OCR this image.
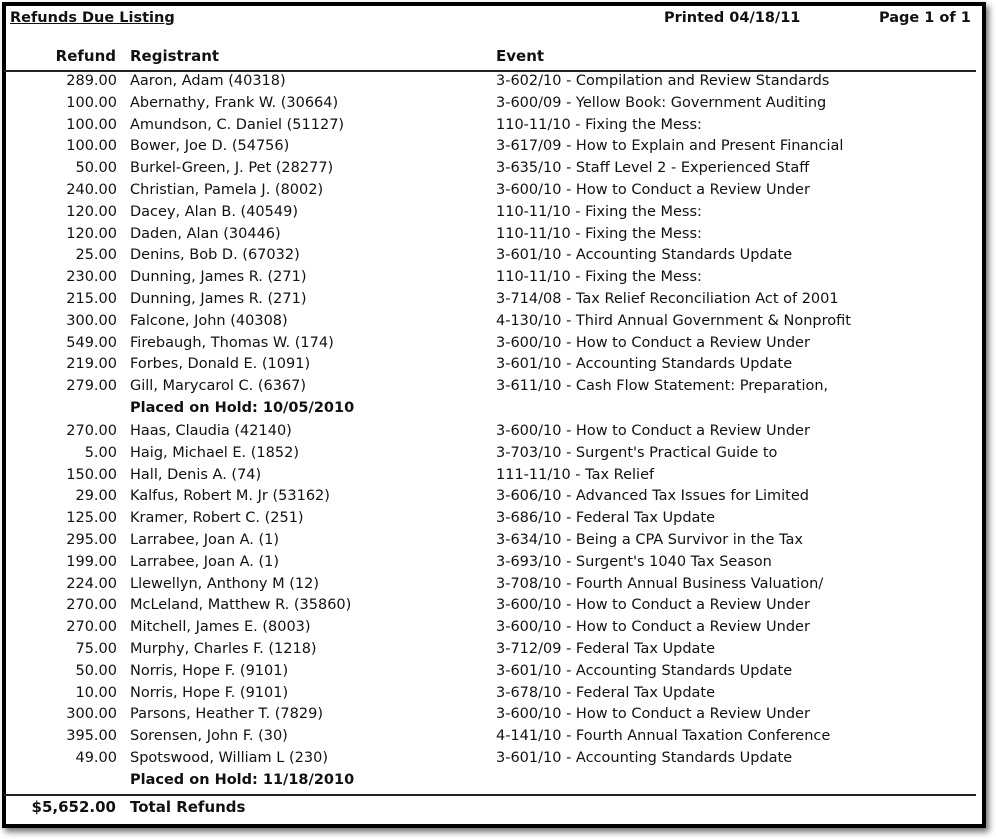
Refunds Due Listing	Printed 04/18/11	Page 1 of 1
Refund Registrant	Event
289.00 Aaron, Adam (40318)	3-602/10 - Compilation and Review Standards
100.00 Abernathy, Frank W. (30664)	3-600/09 - Yellow Book: Government Auditing
100.00 Amundson, C. Daniel (51127)	110-11/10 - Fixing the Mess:
100.00 Bower, Joe D. (54756)	3-617/09 - How to Explain and Present Financial
50.00 Burkel-Green, J. Pet (28277)	3-635/10 - Staff Level 2 - Experienced Staff
240.00 Christian, Pamela J. (8002)	3-600/10 - How to Conduct a Review Under
120.00 Dacey, Alan B. (40549)	110-11/10 - Fixing the Mess:
120.00 Daden, Alan (30446)	110-11/10 - Fixing the Mess:
25.00 Denins, Bob D. (67032)	3-601/10 - Accounting Standards Update
230.00 Dunning, James R. (271)	110-11/10 - Fixing the Mess:
215.00 Dunning, James R. (271)	3-714/08 - Tax Relief Reconciliation Act of 2001
300.00 Falcone, John (40308)	4-130/10 - Third Annual Government & Nonprofit
549.00 Firebaugh, Thomas W. (174)	3-600/10 - How to Conduct a Review Under
219.00 Forbes, Donald E. (1091)	3-601/10 - Accounting Standards Update
279.00 Gill, Marycarol C. (6367)	3-611/10 - Cash Flow Statement: Preparation,
Placed on Hold: 10/05/2010
270.00 Haas, Claudia (42140)	3-600/10 - How to Conduct a Review Under
5.00 Haig, Michael E. (1852)	3-703/10 - Surgent's Practical Guide to
150.00 Hall, Denis A. (74)	111-11/10 - Tax Relief
29.00 Kalfus, Robert M. Jr (53162)	3-606/10 - Advanced Tax Issues for Limited
125.00 Kramer, Robert C. (251)	3-686/10 - Federal Tax Update
295.00 Larrabee, Joan A. (1)	3-634/10 - Being a CPA Survivor in the Tax
199.00 Larrabee, Joan A. (1)	3-693/10 - Surgent's 1040 Tax Season
224.00 Llewellyn, Anthony M (12)	3-708/10 - Fourth Annual Business Valuation/
270.00 McLeland, Matthew R. (35860)	3-600/10 - How to Conduct a Review Under
270.00 Mitchell, James E. (8003)	3-600/10 - How to Conduct a Review Under
75.00 Murphy, Charles F. (1218)	3-712/09 - Federal Tax Update
50.00 Norris, Hope F. (9101)	3-601/10 - Accounting Standards Update
10.00 Norris, Hope F. (9101)	3-678/10 - Federal Tax Update
300.00 Parsons, Heather T. (7829)	3-600/10 - How to Conduct a Review Under
395.00 Sorensen, John F. (30)	4-141/10 - Fourth Annual Taxation Conference
49.00 Spotswood, William L (230)	3-601/10 - Accounting Standards Update
Placed on Hold: 11/18/2010
$5,652.00 Total Refunds
